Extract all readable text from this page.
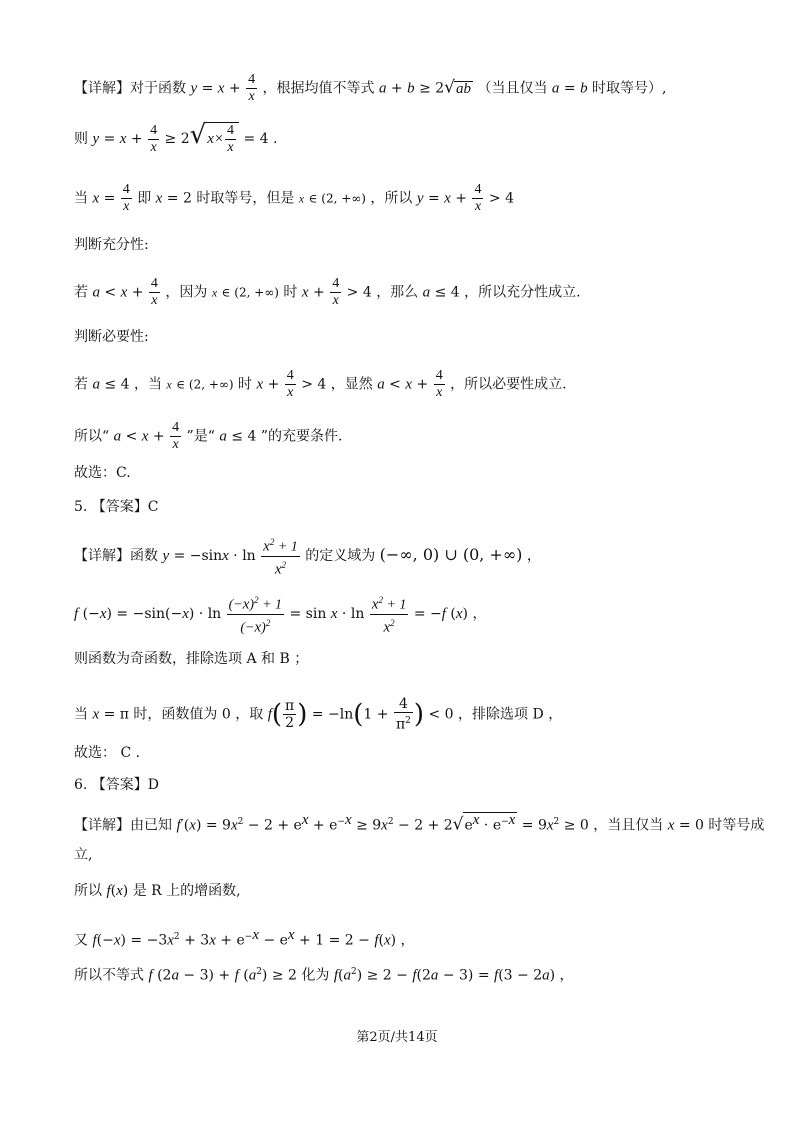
【详解】对于函数 $y = x + \frac{4}{x}$ ，根据均值不等式 a + b ≥ 2√ab （当且仅当 a = b 时取等号）,
则 $y = x + \frac{4}{x} \ge 2√x\times \frac{4}{x} = 4$ .
当 $x = \frac{4}{x}$ 即 x = 2 时取等号，但是 x ∈ (2, +∞) ，所以 $y = x + \frac{4}{x} > 4$
判断充分性:
若 $a < x + \frac{4}{x}$ ，因为 x ∈ (2, +∞) 时 $x + \frac{4}{x} > 4$ ，那么 a ≤ 4 ，所以充分性成立.
判断必要性:
若 a ≤ 4 ，当 x ∈ (2, +∞) 时 $x + \frac{4}{x} > 4$ ，显然 $a < x + \frac{4}{x}$ ，所以必要性成立.
所以“ $a < x + \frac{4}{x}$ ”是“ a ≤ 4 ”的充要条件.
故选：C.
5. 【答案】C
【详解】函数 $y = -\sin x \cdot \ln \frac{x^2 + 1}{x^2}$ 的定义域为 (−∞, 0) ∪ (0, +∞) ，
f $(-x) = -\sin(-x) \cdot \ln \frac{(-x)^2 + 1}{(-x)^2} = \sin x \cdot \ln \frac{x^2 + 1}{x^2} = -f$ (x) ，
则函数为奇函数，排除选项 A 和 B ；
当 x = π 时，函数值为 0 ，取 $f( \frac{\pi}{2}$ ) = $-\ln(1 + \frac{4}{\pi^2}$ ) < 0 ，排除选项 D ，
故选： C .
6. 【答案】D
【详解】由已知 $f'(x) = 9x^2 - 2 + e^x + e^{-x} \ge 9x^2 - 2 + 2√e^x \cdot e^{-x} = 9x^2 \ge 0$ ，当且仅当 x = 0 时等号成
立,
所以 f(x) 是 R 上的增函数,
又 $f(-x) = -3x^2 + 3x + e^{-x} - e^x + 1 = 2 - f(x)$ ，
所以不等式 f (2a − 3) + f $(a^2) \ge 2$ 化为 $f(a^2) \ge 2 - f(2a - 3) = f(3 - 2a)$ ，
第2页/共14页
